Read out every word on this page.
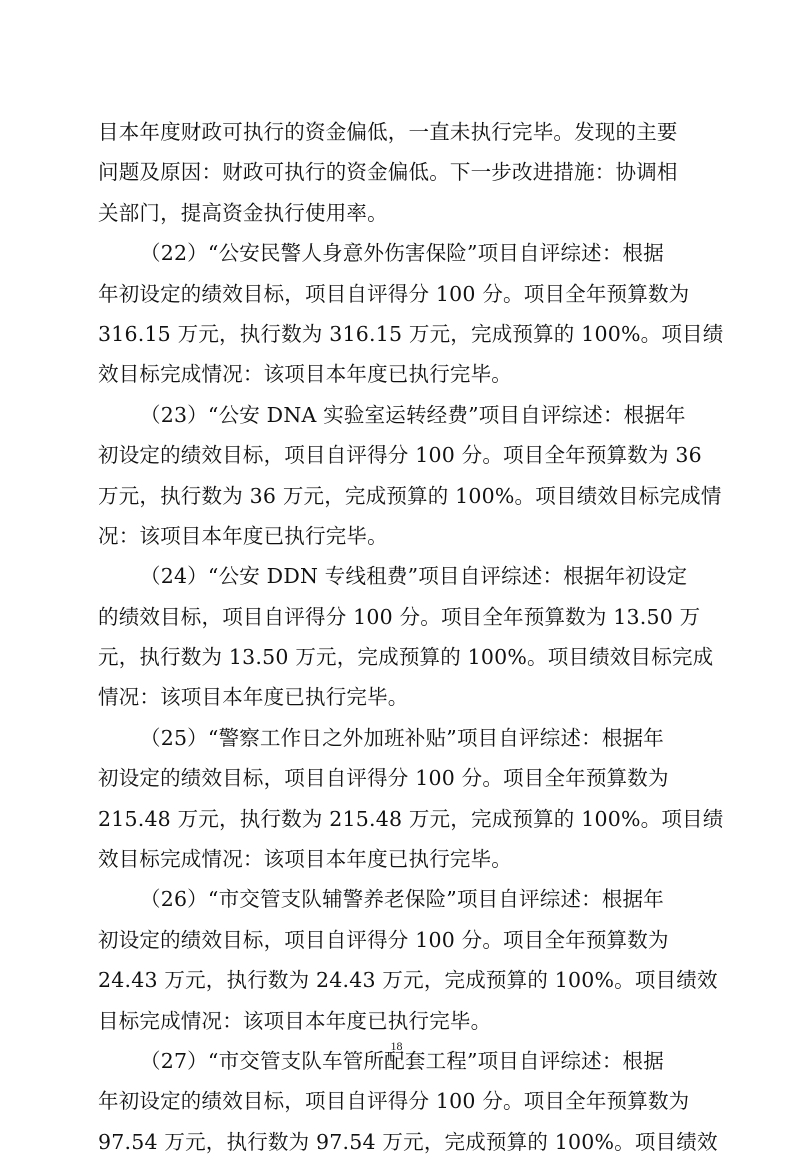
目本年度财政可执行的资金偏低，一直未执行完毕。发现的主要
问题及原因：财政可执行的资金偏低。下一步改进措施：协调相
关部门，提高资金执行使用率。
（22）“公安民警人身意外伤害保险”项目自评综述：根据
年初设定的绩效目标，项目自评得分 100 分。项目全年预算数为
316.15 万元，执行数为 316.15 万元，完成预算的 100%。项目绩
效目标完成情况：该项目本年度已执行完毕。
（23）“公安 DNA 实验室运转经费”项目自评综述：根据年
初设定的绩效目标，项目自评得分 100 分。项目全年预算数为 36
万元，执行数为 36 万元，完成预算的 100%。项目绩效目标完成情
况：该项目本年度已执行完毕。
（24）“公安 DDN 专线租费”项目自评综述：根据年初设定
的绩效目标，项目自评得分 100 分。项目全年预算数为 13.50 万
元，执行数为 13.50 万元，完成预算的 100%。项目绩效目标完成
情况：该项目本年度已执行完毕。
（25）“警察工作日之外加班补贴”项目自评综述：根据年
初设定的绩效目标，项目自评得分 100 分。项目全年预算数为
215.48 万元，执行数为 215.48 万元，完成预算的 100%。项目绩
效目标完成情况：该项目本年度已执行完毕。
（26）“市交管支队辅警养老保险”项目自评综述：根据年
初设定的绩效目标，项目自评得分 100 分。项目全年预算数为
24.43 万元，执行数为 24.43 万元，完成预算的 100%。项目绩效
目标完成情况：该项目本年度已执行完毕。
（27）“市交管支队车管所配套工程”项目自评综述：根据
年初设定的绩效目标，项目自评得分 100 分。项目全年预算数为
97.54 万元，执行数为 97.54 万元，完成预算的 100%。项目绩效
18
